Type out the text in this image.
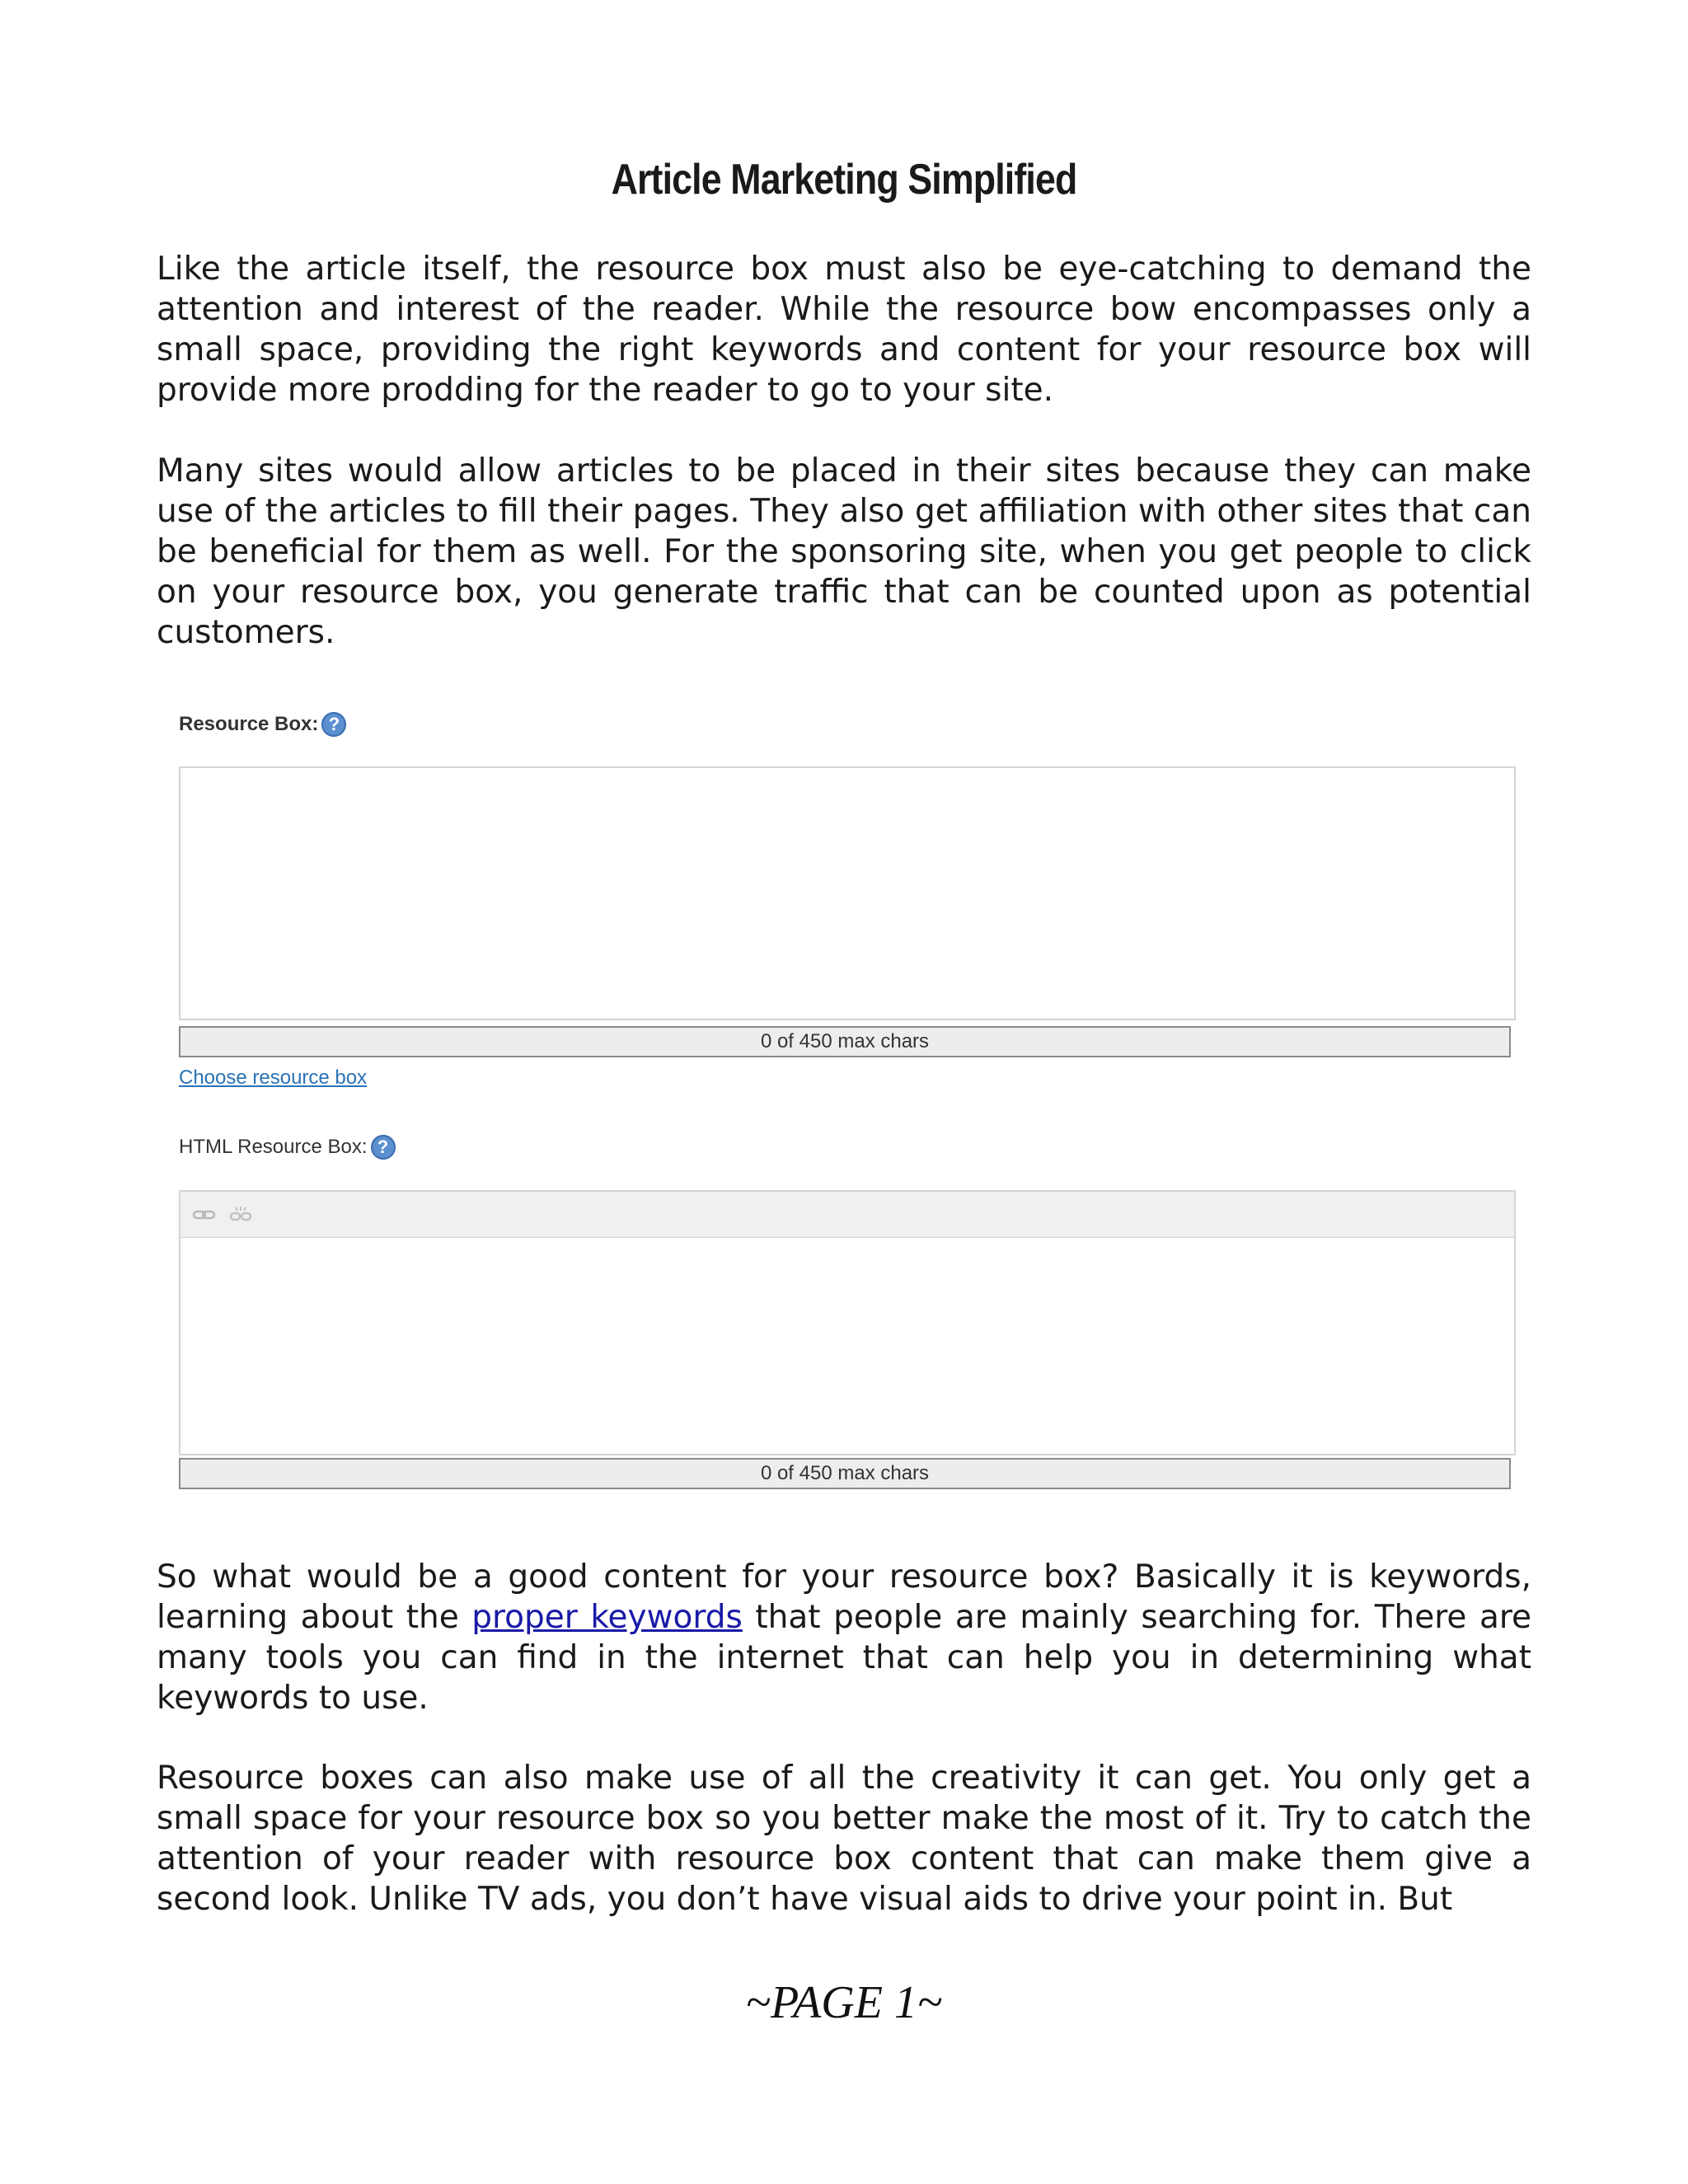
Article Marketing Simplified

Like the article itself, the resource box must also be eye-catching to demand the attention and interest of the reader. While the resource bow encompasses only a small space, providing the right keywords and content for your resource box will provide more prodding for the reader to go to your site.

Many sites would allow articles to be placed in their sites because they can make use of the articles to fill their pages. They also get affiliation with other sites that can be beneficial for them as well. For the sponsoring site, when you get people to click on your resource box, you generate traffic that can be counted upon as potential customers.

Resource Box: ?
0 of 450 max chars
Choose resource box
HTML Resource Box: ?
0 of 450 max chars

So what would be a good content for your resource box? Basically it is keywords, learning about the proper keywords that people are mainly searching for. There are many tools you can find in the internet that can help you in determining what keywords to use.

Resource boxes can also make use of all the creativity it can get. You only get a small space for your resource box so you better make the most of it. Try to catch the attention of your reader with resource box content that can make them give a second look. Unlike TV ads, you don’t have visual aids to drive your point in. But

~PAGE 1~
